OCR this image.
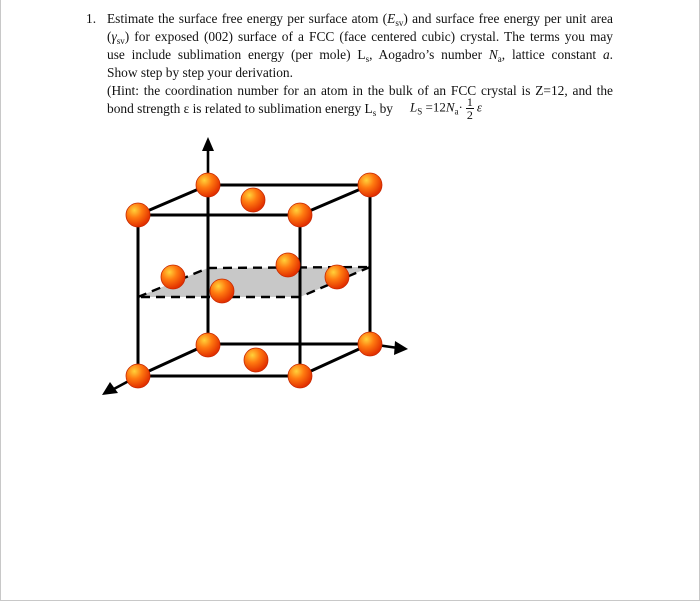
1. Estimate the surface free energy per surface atom $(E_{sv})$ and surface free energy per unit area
$(\gamma_{sv})$ for exposed (002) surface of a FCC (face centered cubic) crystal. The terms you may
use include sublimation energy (per mole) $L_s$, Aogadro’s number $N_a$, lattice constant a.
Show step by step your derivation.
(Hint: the coordination number for an atom in the bulk of an FCC crystal is Z=12, and the
bond strength ε is related to sublimation energy $L_s$ by	$L_S =12N_a\cdot \frac{1}{2}$ ε
